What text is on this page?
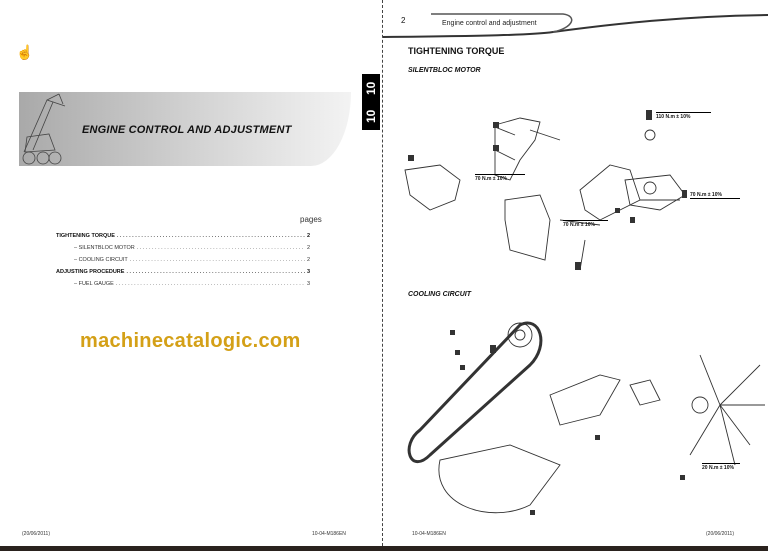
☝
ENGINE CONTROL AND ADJUSTMENT
10
10
pages
TIGHTENING TORQUE . . .	2
– SILENTBLOC MOTOR . . .	2
– COOLING CIRCUIT . . .	2
ADJUSTING PROCEDURE . . .	3
– FUEL GAUGE . . .	3
(20/06/2011)	10-04-M186EN
2	Engine control and adjustment
TIGHTENING TORQUE
SILENTBLOC MOTOR
COOLING CIRCUIT
110 N.m ± 10%
70 N.m ± 10%
70 N.m ± 10%
70 N.m ± 10%
20 N.m ± 10%
10-04-M186EN	(20/06/2011)
machinecatalogic.com
